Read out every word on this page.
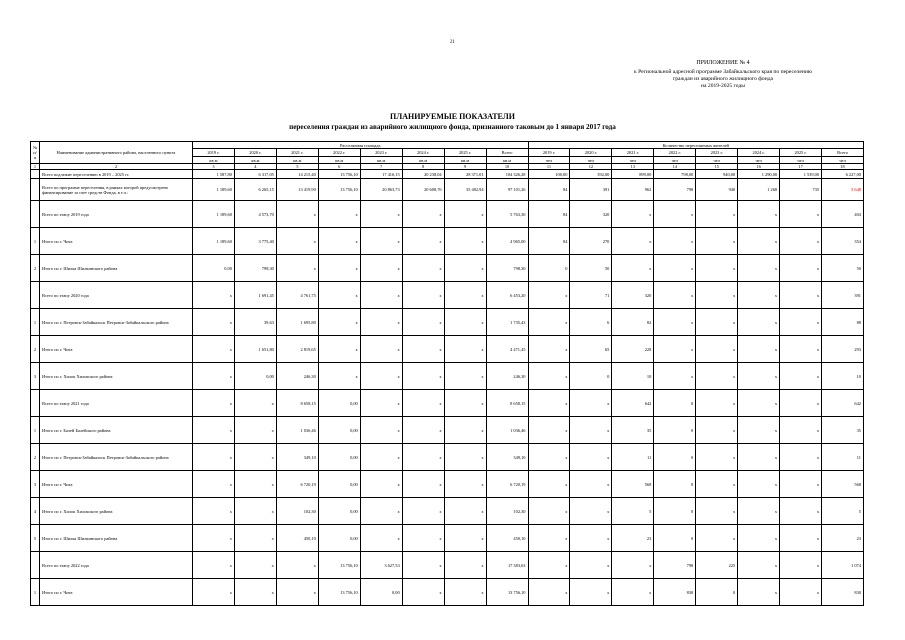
21
ПРИЛОЖЕНИЕ № 4
к Региональной адресной программе Забайкальского края по переселению
граждан из аварийного жилищного фонда
на 2019-2025 годы
ПЛАНИРУЕМЫЕ ПОКАЗАТЕЛИ
переселения граждан из аварийного жилищного фонда, признанного таковым до 1 января 2017 года
№ п/п	Наименование административного района, населенного пункта	Расселяемая площадь								Количество переселяемых жителей							
		2019 г.	2020 г.	2021 г.	2022 г.	2023 г.	2024 г.	2025 г.	Всего	2019 г.	2020 г.	2021 г.	2022 г.	2023 г.	2024 г.	2025 г.	Всего
		кв.м	кв.м	кв.м	кв.м	кв.м	кв.м	кв.м	кв.м	чел	чел	чел	чел	чел	чел	чел	чел
1	2	3	4	5	6	7	8	9	10	11	12	13	14	15	16	17	18
	Всего подлежит переселению в 2019 – 2025 гг.	1 587,80	6 317,05	14 215,40	13 756,10	17 416,15	20 238,04	28 371,01	104 326,28	100,00	392,00	899,00	798,00	940,00	1 290,00	1 539,00	6 227,00
	Всего по программе переселения, в рамках которой предусмотрено финансирование за счет средств Фонда, в т.ч.:	1 189,60	6 265,15	13 419,90	13 756,10	20 863,73	20 608,76	35 482,94	97 101,26	84	391	962	798	940	1 268	735	5 648
	Всего по этапу 2019 года	1 189,60	4 573,70	x	x	x	x	x	5 763,30	84	320	x	x	x	x	x	404
1	Итого по г. Чита	1 189,60	3 775,40	x	x	x	x	x	4 965,00	84	270	x	x	x	x	x	354
2	Итого по г. Шилка Шилкинского района	0,00	798,30	x	x	x	x	x	798,30	0	50	x	x	x	x	x	50
	Всего по этапу 2020 года	x	1 691,45	4 761,75	x	x	x	x	6 453,20	x	71	320	x	x	x	x	391
1	Итого по г. Петровск-Забайкальск Петровск-Забайкальского района	x	39,63	1 695,80	x	x	x	x	1 735,43	x	6	82	x	x	x	x	88
2	Итого по г. Чита	x	1 651,80	2 819,65	x	x	x	x	4 471,45	x	65	228	x	x	x	x	293
3	Итого по г. Хилок Хилокского района	x	0,00	246,30	x	x	x	x	246,30	x	0	10	x	x	x	x	10
	Всего по этапу 2021 года	x	x	8 658,15	0,00	x	x	x	8 658,15	x	x	642	0	x	x	x	642
1	Итого по г. Балей Балейского района	x	x	1 036,46	0,00	x	x	x	1 036,46	x	x	35	0	x	x	x	35
2	Итого по г. Петровск-Забайкальск Петровск-Забайкальского района	x	x	349,10	0,00	x	x	x	349,10	x	x	11	0	x	x	x	11
3	Итого по г. Чита	x	x	6 720,19	0,00	x	x	x	6 720,19	x	x	568	0	x	x	x	568
4	Итого по г. Хилок Хилокского района	x	x	102,30	0,00	x	x	x	102,30	x	x	5	0	x	x	x	5
5	Итого по г. Шилка Шилкинского района	x	x	450,10	0,00	x	x	x	450,10	x	x	23	0	x	x	x	23
	Всего по этапу 2022 года	x	x	x	13 756,10	3 627,53	x	x	17 383,63	x	x	x	798	225	x	x	1 074
1	Итого по г. Чита	x	x	x	13 756,10	0,00	x	x	13 756,10	x	x	x	830	0	x	x	830
